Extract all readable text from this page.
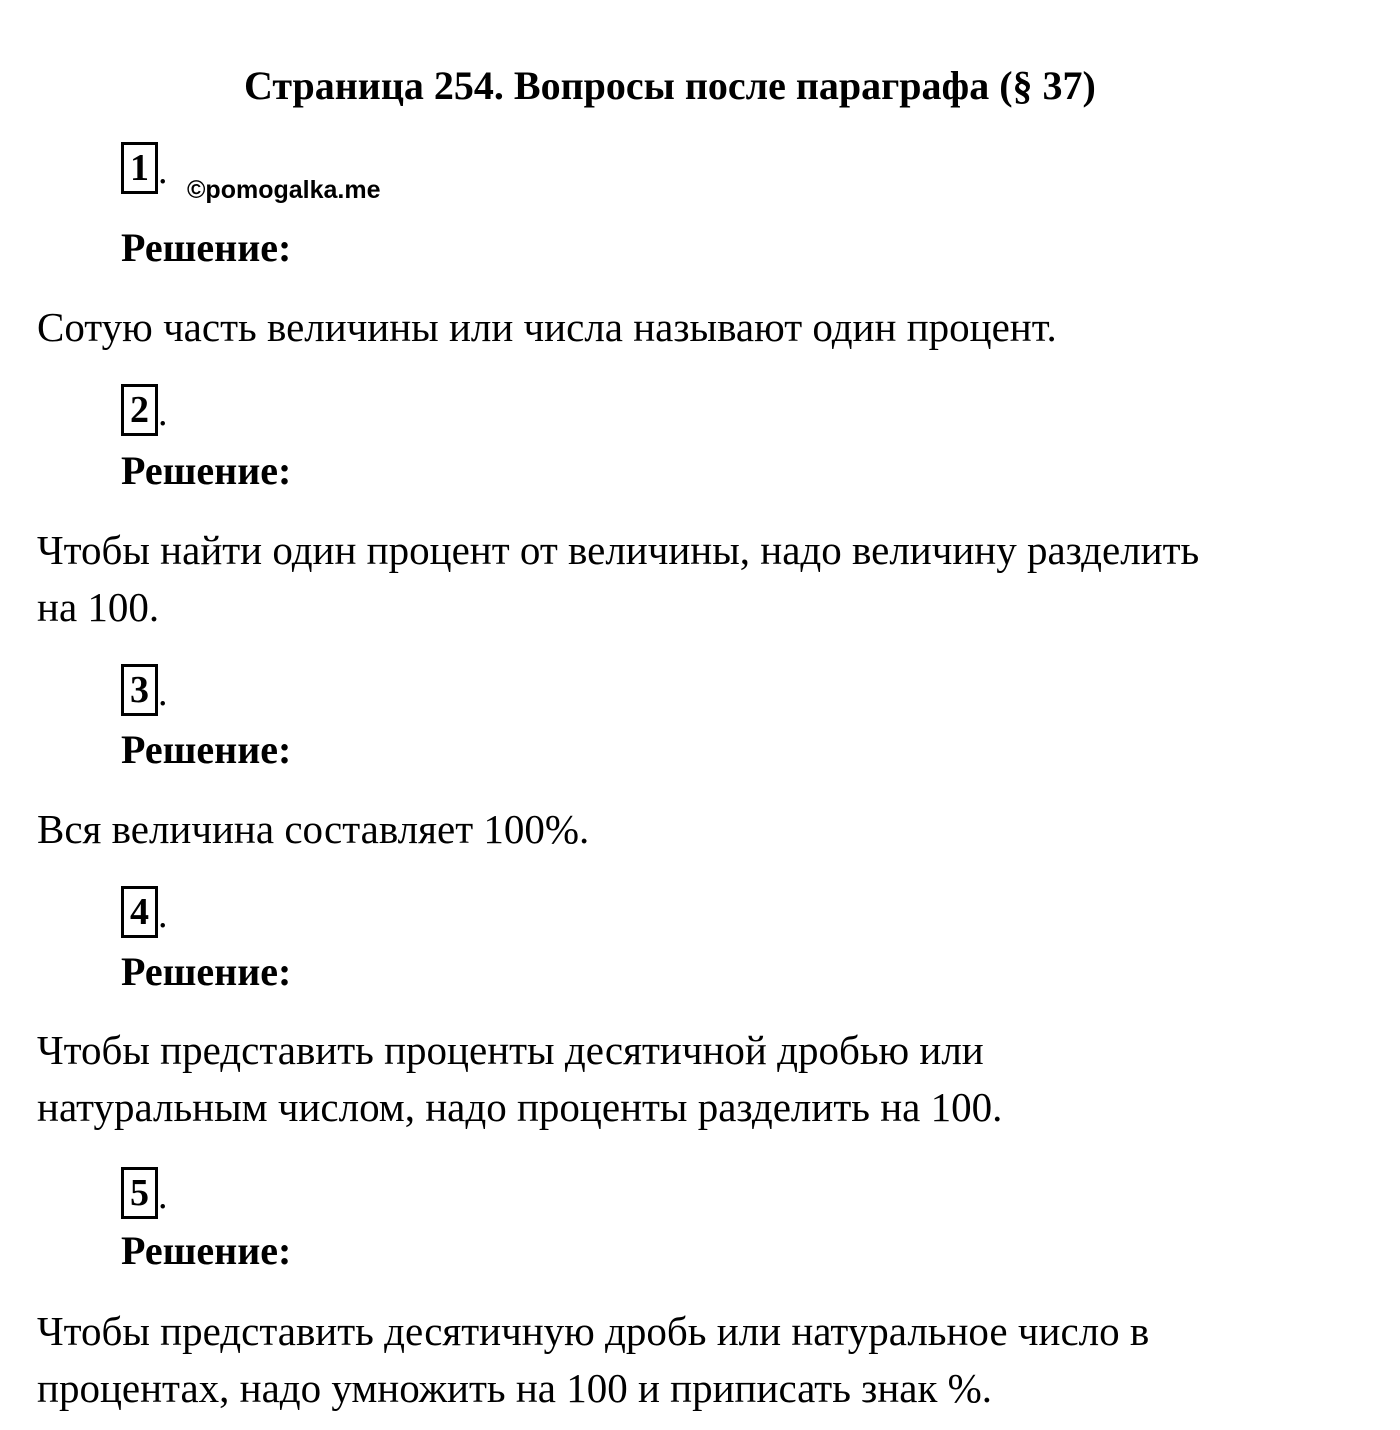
Страница 254. Вопросы после параграфа (§ 37)
1 . ©pomogalka.me
Решение:
Сотую часть величины или числа называют один процент.
2 .
Решение:
Чтобы найти один процент от величины, надо величину разделить
на 100.
3 .
Решение:
Вся величина составляет 100%.
4 .
Решение:
Чтобы представить проценты десятичной дробью или
натуральным числом, надо проценты разделить на 100.
5 .
Решение:
Чтобы представить десятичную дробь или натуральное число в
процентах, надо умножить на 100 и приписать знак %.
